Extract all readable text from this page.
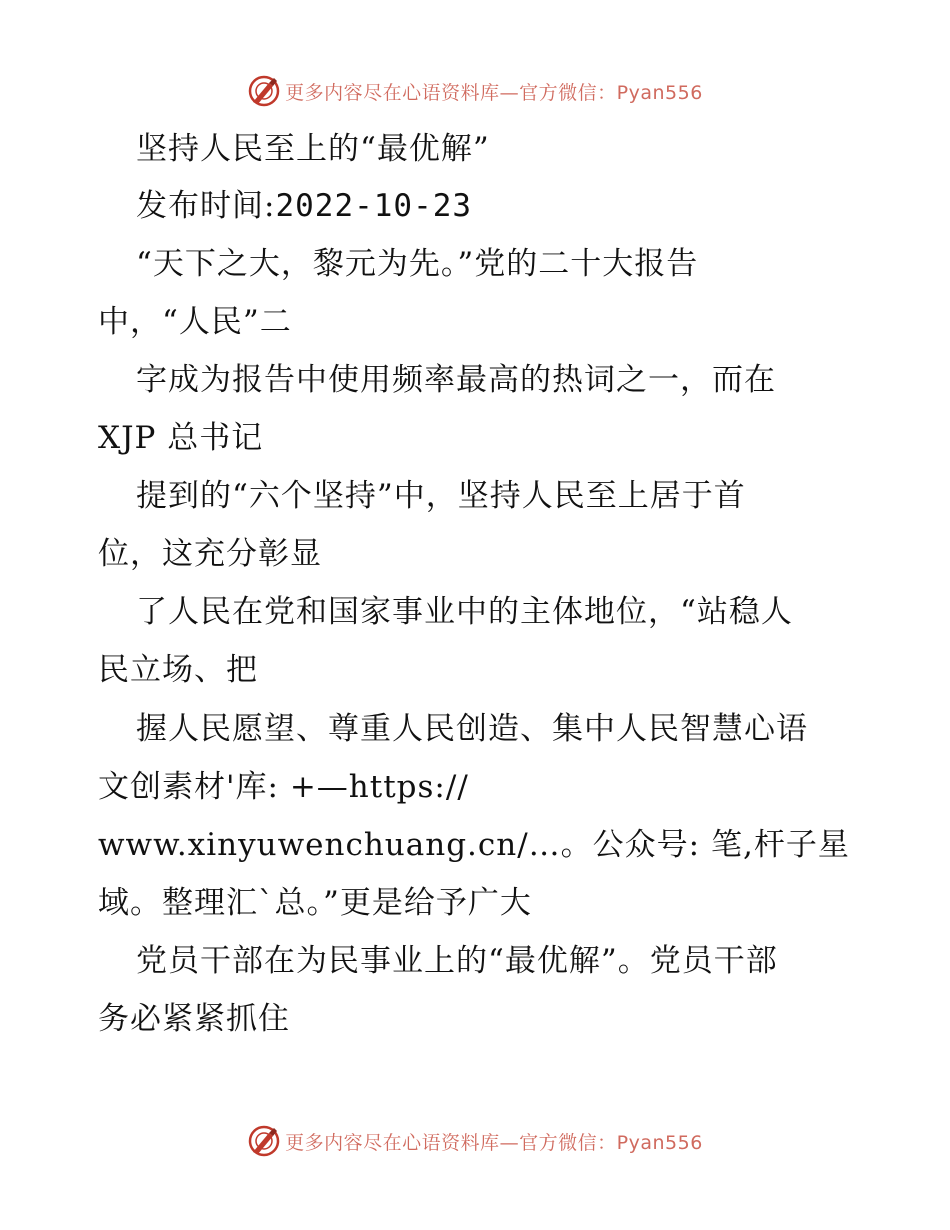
更多内容尽在心语资料库—官方微信：Pyan556
坚持人民至上的“最优解”
发布时间:2022-10-23
“天下之大，黎元为先。”党的二十大报告
中，“人民”二
字成为报告中使用频率最高的热词之一，而在
XJP 总书记
提到的“六个坚持”中，坚持人民至上居于首
位，这充分彰显
了人民在党和国家事业中的主体地位，“站稳人
民立场、把
握人民愿望、尊重人民创造、集中人民智慧心语
文创素材'库: +—https://
www.xinyuwenchuang.cn/…。公众号: 笔,杆子星
域。整理汇`总。”更是给予广大
党员干部在为民事业上的“最优解”。党员干部
务必紧紧抓住
更多内容尽在心语资料库—官方微信：Pyan556
